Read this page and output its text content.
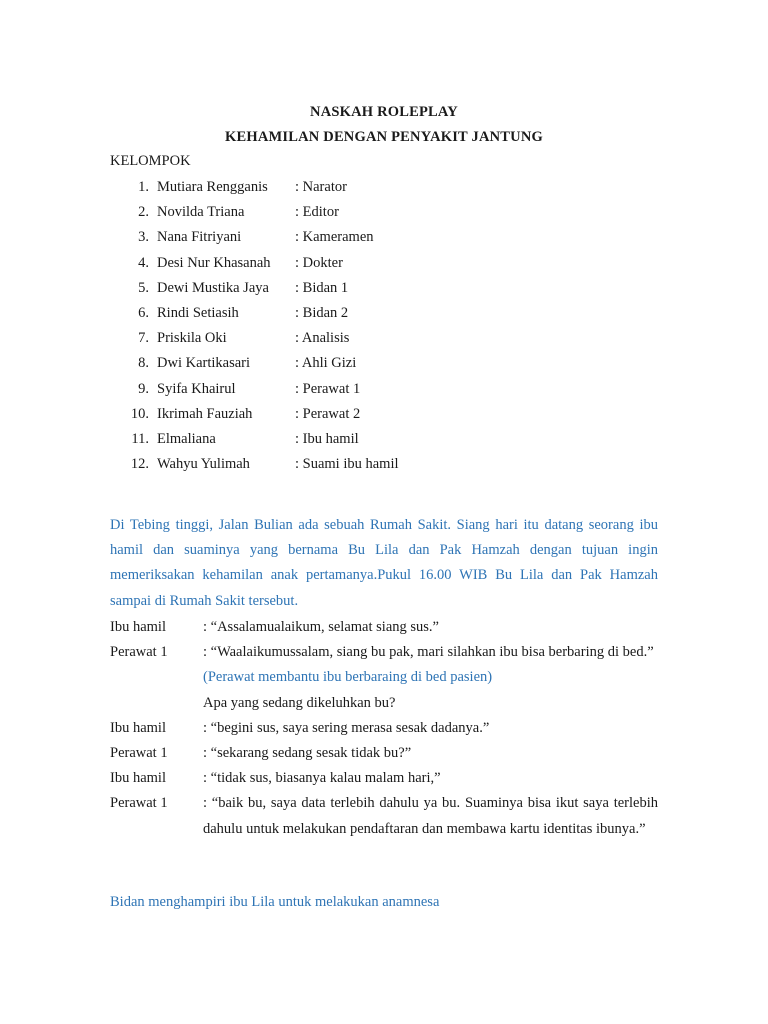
NASKAH ROLEPLAY
KEHAMILAN DENGAN PENYAKIT JANTUNG
KELOMPOK
1. Mutiara Rengganis : Narator
2. Novilda Triana	: Editor
3. Nana Fitriyani	: Kameramen
4. Desi Nur Khasanah : Dokter
5. Dewi Mustika Jaya : Bidan 1
6. Rindi Setiasih	: Bidan 2
7. Priskila Oki	: Analisis
8. Dwi Kartikasari	: Ahli Gizi
9. Syifa Khairul	: Perawat 1
10. Ikrimah Fauziah	: Perawat 2
11. Elmaliana	: Ibu hamil
12. Wahyu Yulimah	: Suami ibu hamil
Di Tebing tinggi, Jalan Bulian ada sebuah Rumah Sakit. Siang hari itu datang seorang ibu hamil dan suaminya yang bernama Bu Lila dan Pak Hamzah dengan tujuan ingin memeriksakan kehamilan anak pertamanya.Pukul 16.00 WIB Bu Lila dan Pak Hamzah sampai di Rumah Sakit tersebut.
Ibu hamil	: “Assalamualaikum, selamat siang sus.”
Perawat 1 : “Waalaikumussalam, siang bu pak, mari silahkan ibu bisa berbaring di bed.”
(Perawat membantu ibu berbaraing di bed pasien)
Apa yang sedang dikeluhkan bu?
Ibu hamil	: “begini sus, saya sering merasa sesak dadanya.”
Perawat 1 : “sekarang sedang sesak tidak bu?”
Ibu hamil	: “tidak sus, biasanya kalau malam hari,”
Perawat 1 : “baik bu, saya data terlebih dahulu ya bu. Suaminya bisa ikut saya terlebih dahulu untuk melakukan pendaftaran dan membawa kartu identitas ibunya.”
Bidan menghampiri ibu Lila untuk melakukan anamnesa
